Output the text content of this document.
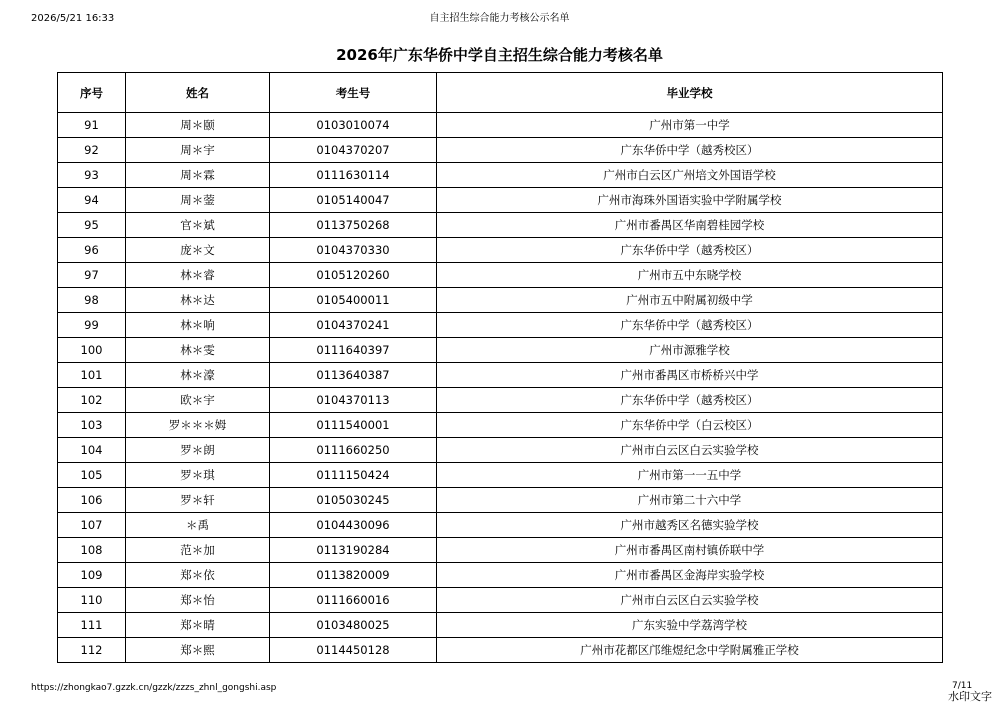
2026/5/21 16:33	自主招生综合能力考核公示名单
2026年广东华侨中学自主招生综合能力考核名单
序号	姓名	考生号	毕业学校
91	周＊颐	0103010074	广州市第一中学
92	周＊宇	0104370207	广东华侨中学（越秀校区）
93	周＊霖	0111630114	广州市白云区广州培文外国语学校
94	周＊蓥	0105140047	广州市海珠外国语实验中学附属学校
95	官＊斌	0113750268	广州市番禺区华南碧桂园学校
96	庞＊文	0104370330	广东华侨中学（越秀校区）
97	林＊睿	0105120260	广州市五中东晓学校
98	林＊达	0105400011	广州市五中附属初级中学
99	林＊响	0104370241	广东华侨中学（越秀校区）
100	林＊雯	0111640397	广州市源雅学校
101	林＊濠	0113640387	广州市番禺区市桥桥兴中学
102	欧＊宇	0104370113	广东华侨中学（越秀校区）
103	罗＊＊＊姆	0111540001	广东华侨中学（白云校区）
104	罗＊朗	0111660250	广州市白云区白云实验学校
105	罗＊琪	0111150424	广州市第一一五中学
106	罗＊轩	0105030245	广州市第二十六中学
107	＊禹	0104430096	广州市越秀区名德实验学校
108	范＊加	0113190284	广州市番禺区南村镇侨联中学
109	郑＊依	0113820009	广州市番禺区金海岸实验学校
110	郑＊怡	0111660016	广州市白云区白云实验学校
111	郑＊晴	0103480025	广东实验中学荔湾学校
112	郑＊熙	0114450128	广州市花都区邝维煜纪念中学附属雅正学校
https://zhongkao7.gzzk.cn/gzzk/zzzs_zhnl_gongshi.asp	7/11
水印文字
